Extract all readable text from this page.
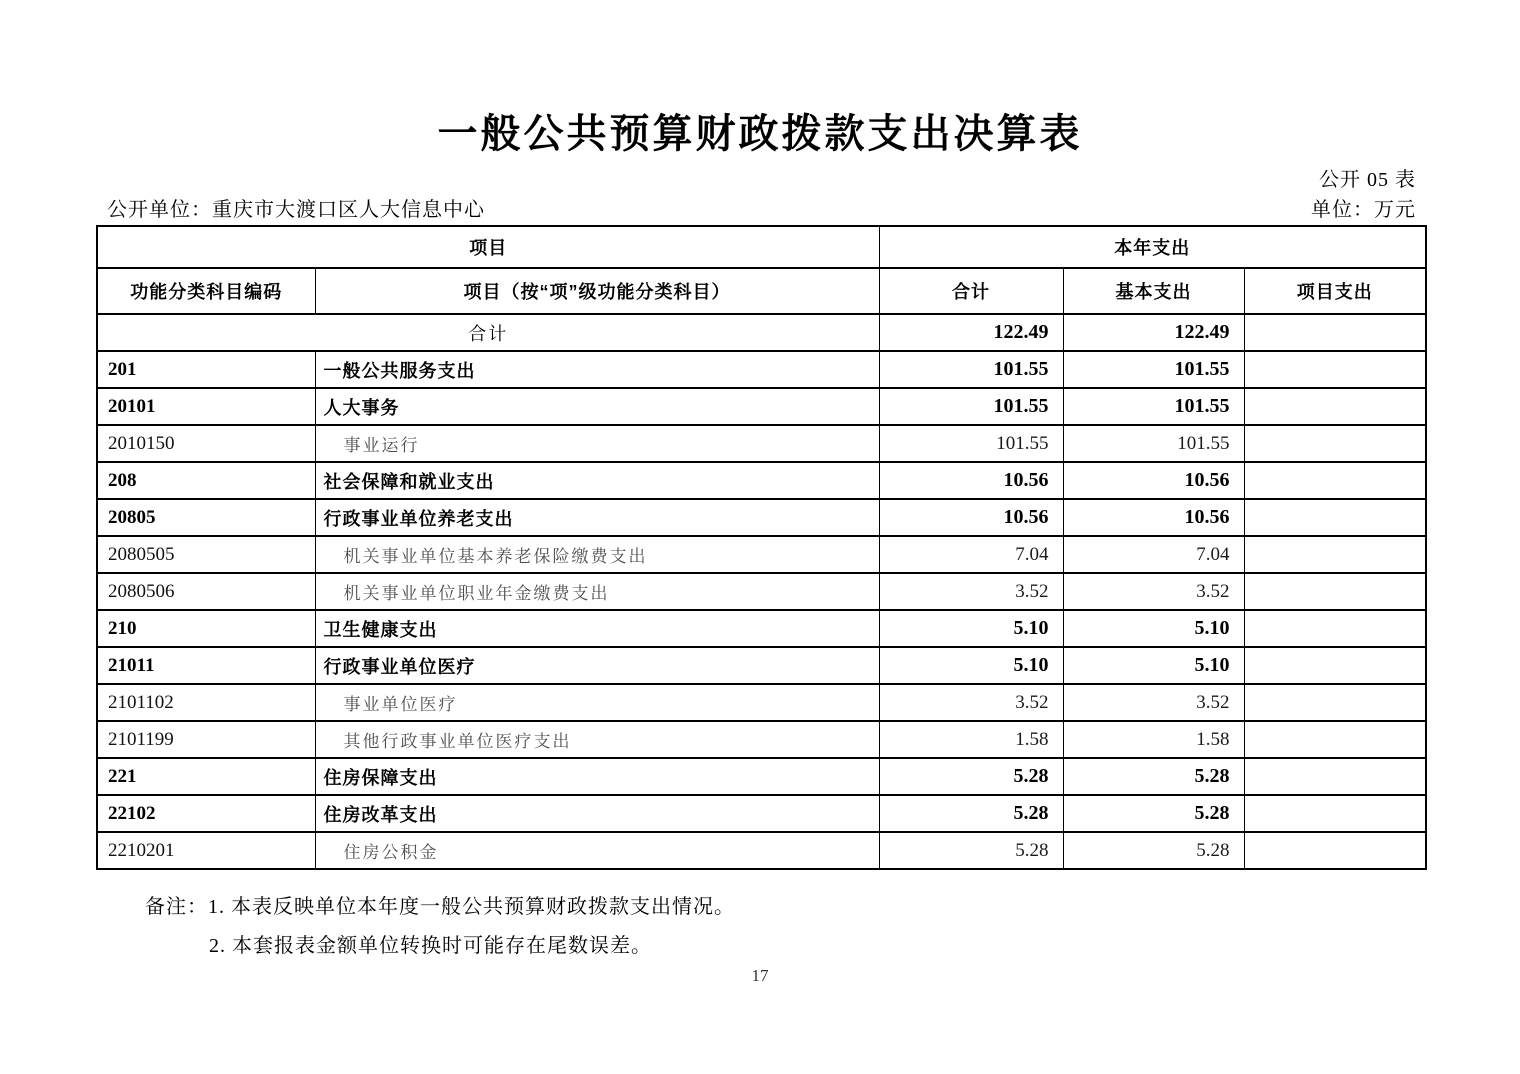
一般公共预算财政拨款支出决算表
公开 05 表
公开单位：重庆市大渡口区人大信息中心	单位：万元
项目		本年支出		
功能分类科目编码	项目（按“项”级功能分类科目）	合计	基本支出	项目支出
合计		122.49	122.49	
201	一般公共服务支出	101.55	101.55	
20101	人大事务	101.55	101.55	
2010150	事业运行	101.55	101.55	
208	社会保障和就业支出	10.56	10.56	
20805	行政事业单位养老支出	10.56	10.56	
2080505	机关事业单位基本养老保险缴费支出	7.04	7.04	
2080506	机关事业单位职业年金缴费支出	3.52	3.52	
210	卫生健康支出	5.10	5.10	
21011	行政事业单位医疗	5.10	5.10	
2101102	事业单位医疗	3.52	3.52	
2101199	其他行政事业单位医疗支出	1.58	1.58	
221	住房保障支出	5.28	5.28	
22102	住房改革支出	5.28	5.28	
2210201	住房公积金	5.28	5.28	
备注：1. 本表反映单位本年度一般公共预算财政拨款支出情况。
2. 本套报表金额单位转换时可能存在尾数误差。
17
